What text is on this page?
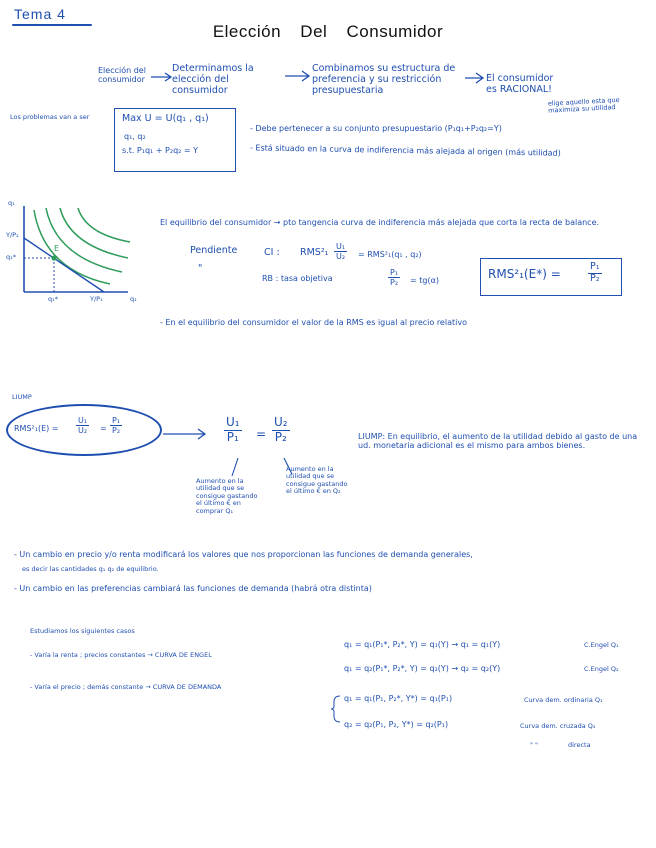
Tema 4
Elección Del Consumidor
Elección del consumidor
Determinamos la elección del consumidor
Combinamos su estructura de preferencia y su restricción presupuestaria
El consumidor es RACIONAL!
elige aquello esta que maximiza su utilidad
Los problemas van a ser	Max U = U(q₁ , q₁)
q₁, q₂
s.t. P₁q₁ + P₂q₂ = Y
- Debe pertenecer a su conjunto presupuestario (P₁q₁+P₂q₂=Y)
- Está situado en la curva de indiferencia más alejada al origen (más utilidad)
q₁
Y/P₂
q₁*
E
q₁*	Y/P₁	q₁
El equilibrio del consumidor → pto tangencia curva de indiferencia más alejada que corta la recta de balance.
Pendiente
"
CI : $RMS^2_1 \frac{\text{U₁}}{\text{U₂}} = RMS^2_1(q_1$ , q₂)
RB : tasa objetiva	$\frac{\text{P₁}}{\text{P₂}} = tg(\alpha)$	RMS²₁(E*) =	$\frac{\text{P₁}}{\text{P₂}}$
- En el equilibrio del consumidor el valor de la RMS es igual al precio relativo
LIUMP
$RMS^2_1(E) = \frac{\text{U₁}}{\text{U₂}} = \frac{\text{P₁}}{\text{P₂}}$	$\frac{\text{U₁}}{\text{P₁}} = \frac{\text{U₂}}{\text{P₂}}$
Aumento en la utilidad que se consigue gastando el último € en comprar Q₁
Aumento en la utilidad que se consigue gastando el último € en Q₂
LIUMP: En equilibrio, el aumento de la utilidad debido al gasto de una ud. monetaria adicional es el mismo para ambos bienes.
- Un cambio en precio y/o renta modificará los valores que nos proporcionan las funciones de demanda generales,
es decir las cantidades q₁ q₂ de equilibrio.
- Un cambio en las preferencias cambiará las funciones de demanda (habrá otra distinta)
Estudiamos los siguientes casos
- Varía la renta ; precios constantes → CURVA DE ENGEL
- Varía el precio ; demás constante → CURVA DE DEMANDA
q₁ = q₁(P₁*, P₂*, Y) = q₁(Y) → q₁ = q₁(Y)	C.Engel Q₁
q₁ = q₂(P₁*, P₂*, Y) = q₂(Y) → q₂ = q₂(Y)	C.Engel Q₂
q₁ = q₁(P₁, P₂*, Y*) = q₁(P₁)	Curva dem. ordinaria Q₁
q₂ = q₂(P₁, P₂, Y*) = q₂(P₁)	Curva dem. cruzada Q₂
" "	directa
